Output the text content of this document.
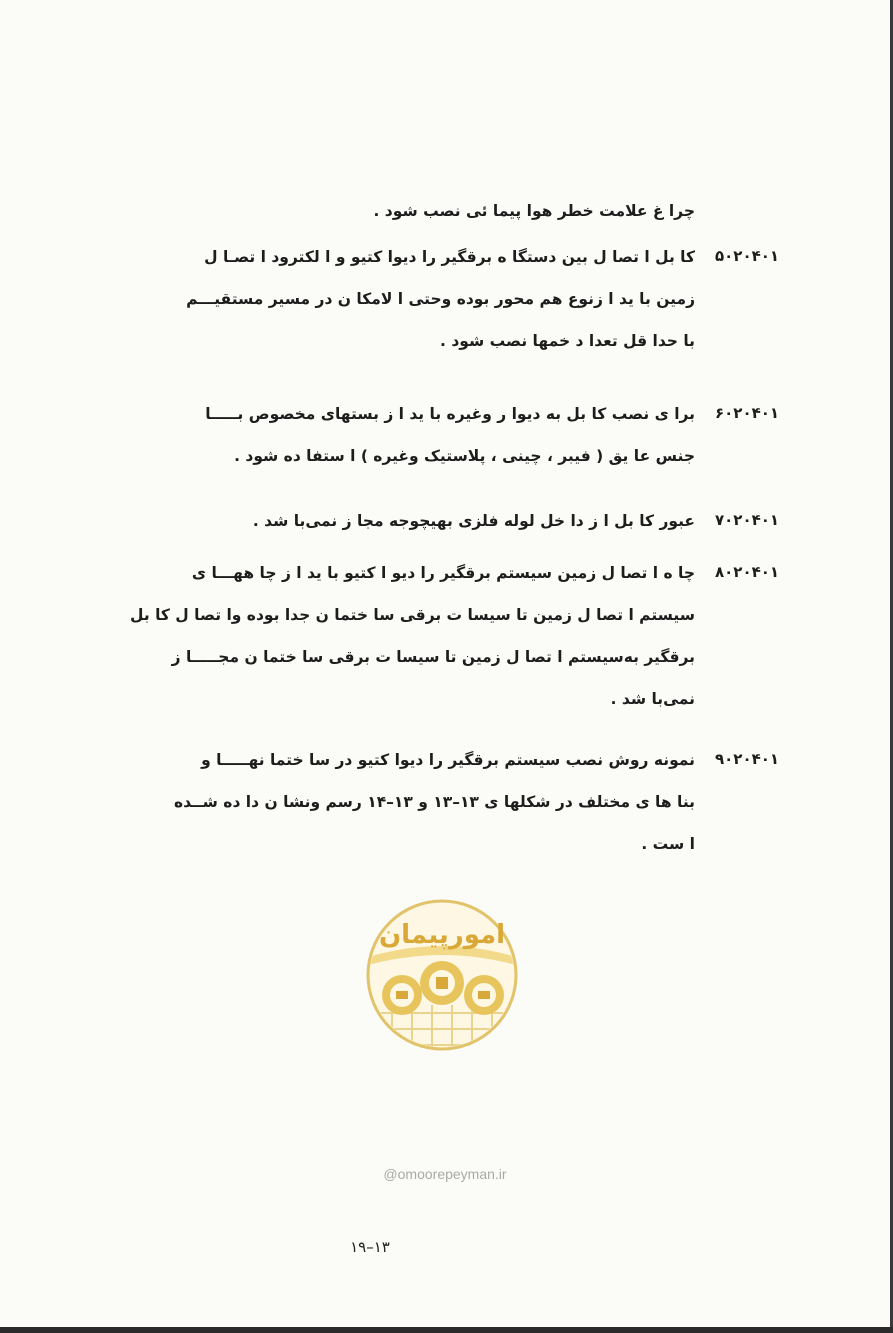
چرا غ علامت خطر هوا پیما ئی نصب شود .
۵۰۲۰۴۰۱
کا بل ا تصا ل بین دستگا ه برقگیر را دیوا کتیو و ا لکترود ا تصـا ل
زمین با ید ا زنوع هم محور بوده وحتی ا لامکا ن در مسیر مستقیـــم
با حدا قل تعدا د خمها نصب شود .
۶۰۲۰۴۰۱
برا ی نصب کا بل به دیوا ر وغیره با ید ا ز بستهای مخصوص بـــــا
جنس عا یق ( فیبر ، چینی ، پلاستیک وغیره ) ا ستفا ده شود .
۷۰۲۰۴۰۱
عبور کا بل ا ز دا خل لوله فلزی بهیچوجه مجا ز نمی‌با شد .
۸۰۲۰۴۰۱
چا ه ا تصا ل زمین سیستم برقگیر را دیو ا کتیو با ید ا ز چا ههـــا ی
سیستم ا تصا ل زمین تا سیسا ت برقی سا ختما ن جدا بوده وا تصا ل کا بل
برقگیر به‌سیستم ا تصا ل زمین تا سیسا ت برقی سا ختما ن مجـــــا ز
نمی‌با شد .
۹۰۲۰۴۰۱
نمونه روش نصب سیستم برقگیر را دیوا کتیو در سا ختما نهـــــا و
بنا ها ی مختلف در شکلها ی ۱۳–۱۳ و ۱۳–۱۴ رسم ونشا ن دا ده شــده
ا ست .
امورپیمان
@omoorepeyman.ir
۱۹–۱۳
